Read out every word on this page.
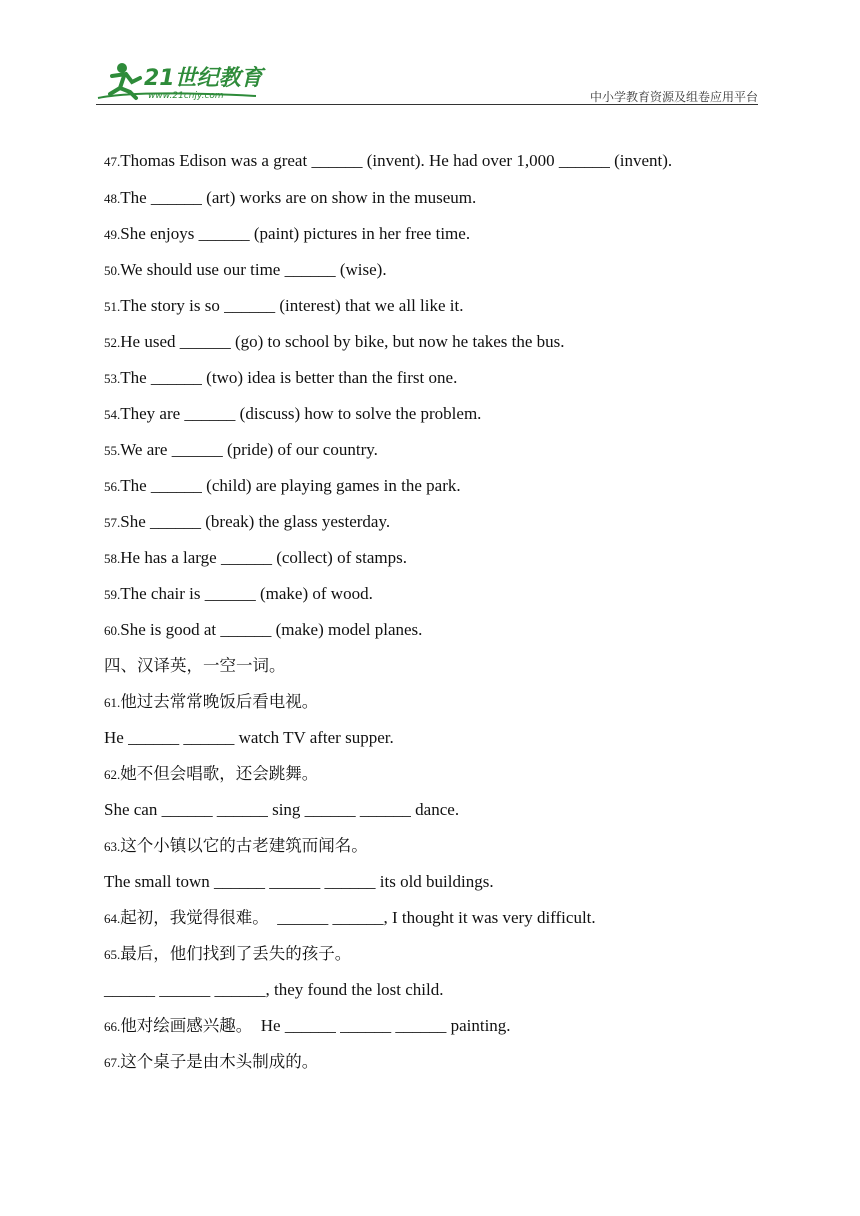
21世纪教育
www.21cnjy.com	中小学教育资源及组卷应用平台
47.Thomas Edison was a great ______ (invent). He had over 1,000 ______ (invent).
48.The ______ (art) works are on show in the museum.
49.She enjoys ______ (paint) pictures in her free time.
50.We should use our time ______ (wise).
51.The story is so ______ (interest) that we all like it.
52.He used ______ (go) to school by bike, but now he takes the bus.
53.The ______ (two) idea is better than the first one.
54.They are ______ (discuss) how to solve the problem.
55.We are ______ (pride) of our country.
56.The ______ (child) are playing games in the park.
57.She ______ (break) the glass yesterday.
58.He has a large ______ (collect) of stamps.
59.The chair is ______ (make) of wood.
60.She is good at ______ (make) model planes.
四、汉译英，一空一词。
61.他过去常常晚饭后看电视。
He ______ ______ watch TV after supper.
62.她不但会唱歌，还会跳舞。
She can ______ ______ sing ______ ______ dance.
63.这个小镇以它的古老建筑而闻名。
The small town ______ ______ ______ its old buildings.
64.起初，我觉得很难。 ______ ______, I thought it was very difficult.
65.最后，他们找到了丢失的孩子。
______ ______ ______, they found the lost child.
66.他对绘画感兴趣。 He ______ ______ ______ painting.
67.这个桌子是由木头制成的。
